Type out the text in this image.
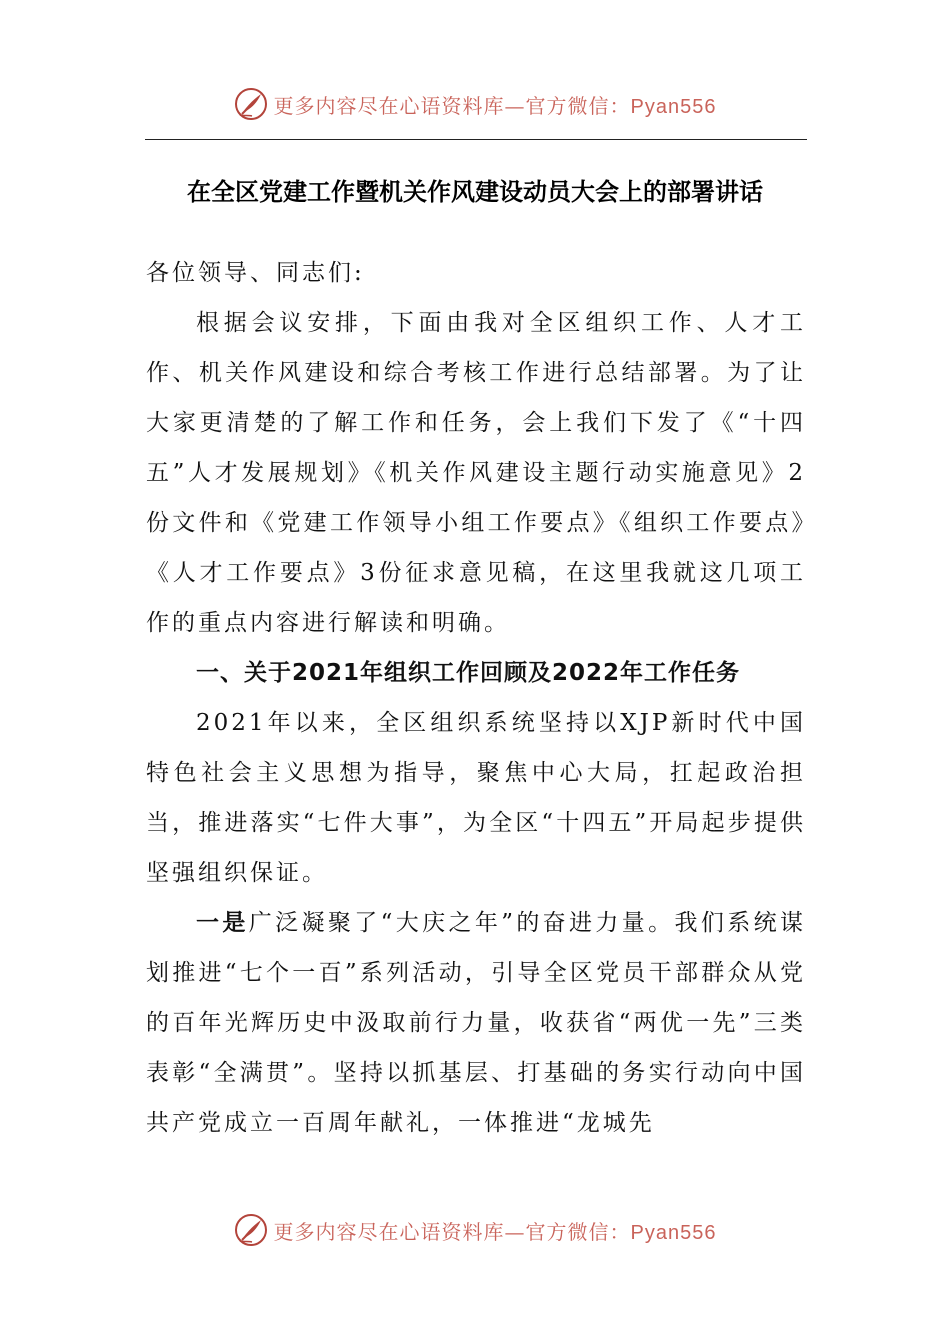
更多内容尽在心语资料库—官方微信：Pyan556
在全区党建工作暨机关作风建设动员大会上的部署讲话

各位领导、同志们:

根据会议安排，下面由我对全区组织工作、人才工作、机关作风建设和综合考核工作进行总结部署。为了让大家更清楚的了解工作和任务，会上我们下发了《“十四五”人才发展规划》《机关作风建设主题行动实施意见》2份文件和《党建工作领导小组工作要点》《组织工作要点》《人才工作要点》3份征求意见稿，在这里我就这几项工作的重点内容进行解读和明确。

一、关于2021年组织工作回顾及2022年工作任务

2021年以来，全区组织系统坚持以XJP新时代中国特色社会主义思想为指导，聚焦中心大局，扛起政治担当，推进落实“七件大事”，为全区“十四五”开局起步提供坚强组织保证。

一是广泛凝聚了“大庆之年”的奋进力量。我们系统谋划推进“七个一百”系列活动，引导全区党员干部群众从党的百年光辉历史中汲取前行力量，收获省“两优一先”三类表彰“全满贯”。坚持以抓基层、打基础的务实行动向中国共产党成立一百周年献礼，一体推进“龙城先

更多内容尽在心语资料库—官方微信：Pyan556
